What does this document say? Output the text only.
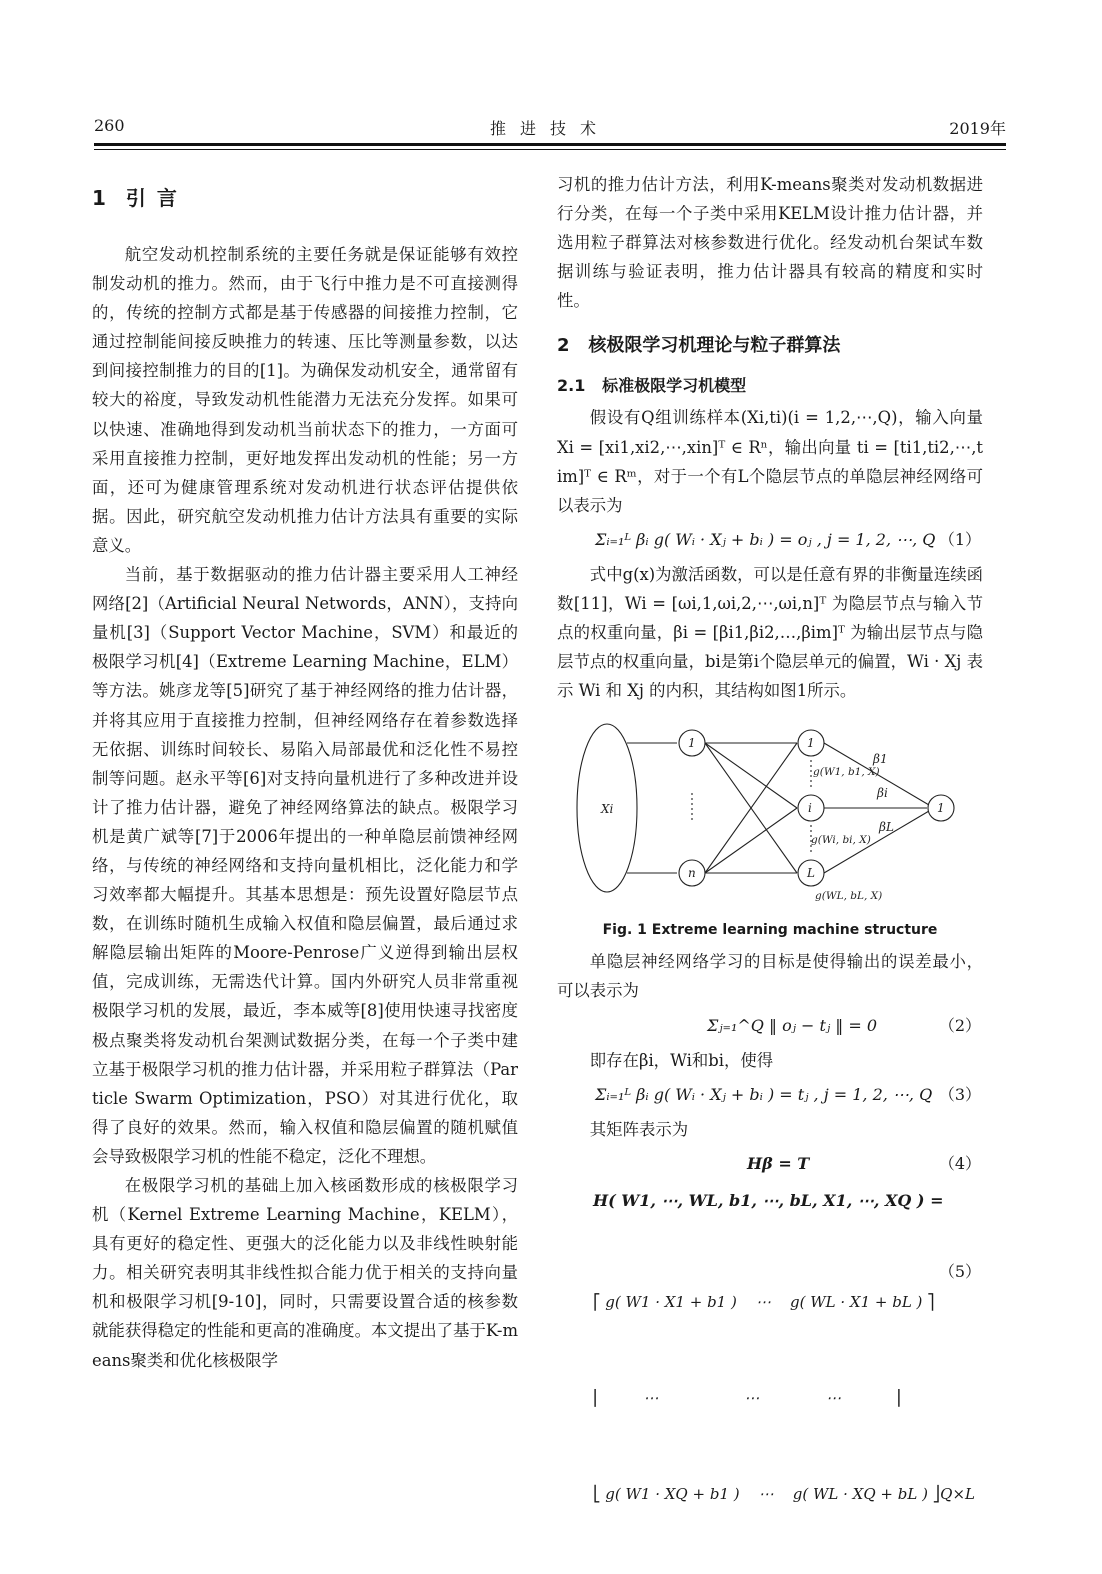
260	推进技术	2019年
1 引 言

航空发动机控制系统的主要任务就是保证能够有效控制发动机的推力。然而，由于飞行中推力是不可直接测得的，传统的控制方式都是基于传感器的间接推力控制，它通过控制能间接反映推力的转速、压比等测量参数，以达到间接控制推力的目的[1]。为确保发动机安全，通常留有较大的裕度，导致发动机性能潜力无法充分发挥。如果可以快速、准确地得到发动机当前状态下的推力，一方面可采用直接推力控制，更好地发挥出发动机的性能；另一方面，还可为健康管理系统对发动机进行状态评估提供依据。因此，研究航空发动机推力估计方法具有重要的实际意义。

当前，基于数据驱动的推力估计器主要采用人工神经网络[2]（Artificial Neural Networds，ANN），支持向量机[3]（Support Vector Machine，SVM）和最近的极限学习机[4]（Extreme Learning Machine，ELM）等方法。姚彦龙等[5]研究了基于神经网络的推力估计器，并将其应用于直接推力控制，但神经网络存在着参数选择无依据、训练时间较长、易陷入局部最优和泛化性不易控制等问题。赵永平等[6]对支持向量机进行了多种改进并设计了推力估计器，避免了神经网络算法的缺点。极限学习机是黄广斌等[7]于2006年提出的一种单隐层前馈神经网络，与传统的神经网络和支持向量机相比，泛化能力和学习效率都大幅提升。其基本思想是：预先设置好隐层节点数，在训练时随机生成输入权值和隐层偏置，最后通过求解隐层输出矩阵的Moore-Penrose广义逆得到输出层权值，完成训练，无需迭代计算。国内外研究人员非常重视极限学习机的发展，最近，李本威等[8]使用快速寻找密度极点聚类将发动机台架测试数据分类，在每一个子类中建立基于极限学习机的推力估计器，并采用粒子群算法（Particle Swarm Optimization，PSO）对其进行优化，取得了良好的效果。然而，输入权值和隐层偏置的随机赋值会导致极限学习机的性能不稳定，泛化不理想。

在极限学习机的基础上加入核函数形成的核极限学习机（Kernel Extreme Learning Machine，KELM），具有更好的稳定性、更强大的泛化能力以及非线性映射能力。相关研究表明其非线性拟合能力优于相关的支持向量机和极限学习机[9-10]，同时，只需要设置合适的核参数就能获得稳定的性能和更高的准确度。本文提出了基于K-means聚类和优化核极限学

习机的推力估计方法，利用K-means聚类对发动机数据进行分类，在每一个子类中采用KELM设计推力估计器，并选用粒子群算法对核参数进行优化。经发动机台架试车数据训练与验证表明，推力估计器具有较高的精度和实时性。

2 核极限学习机理论与粒子群算法
2.1 标准极限学习机模型

假设有Q组训练样本(Xi,ti)(i = 1,2,⋯,Q)，输入向量 Xi = [xi1,xi2,⋯,xin]ᵀ ∈ Rⁿ，输出向量 ti = [ti1,ti2,⋯,tim]ᵀ ∈ Rᵐ，对于一个有L个隐层节点的单隐层神经网络可以表示为

Σᵢ₌₁ᴸ βᵢ g( Wᵢ · Xⱼ + bᵢ ) = oⱼ , j = 1, 2, ⋯, Q （1）

式中g(x)为激活函数，可以是任意有界的非衡量连续函数[11]，Wi = [ωi,1,ωi,2,⋯,ωi,n]ᵀ 为隐层节点与输入节点的权重向量，βi = [βi1,βi2,…,βim]ᵀ 为输出层节点与隐层节点的权重向量，bi是第i个隐层单元的偏置，Wi · Xj 表示 Wi 和 Xj 的内积，其结构如图1所示。

Xi
1
n
1
i
L
1
g(W1, b1, X)
g(Wi, bi, X)
g(WL, bL, X)
β1
βi
βL
Fig. 1 Extreme learning machine structure

单隐层神经网络学习的目标是使得输出的误差最小，可以表示为

Σⱼ₌₁^Q ‖ oⱼ − tⱼ ‖ = 0	（2）

即存在βi，Wi和bi，使得

Σᵢ₌₁ᴸ βᵢ g( Wᵢ · Xⱼ + bᵢ ) = tⱼ , j = 1, 2, ⋯, Q （3）

其矩阵表示为

Hβ = T	（4）
H( W1, ⋯, WL, b1, ⋯, bL, X1, ⋯, XQ ) =

⎡ g( W1 · X1 + b1 )    ⋯    g( WL · X1 + bL ) ⎤

⎢         ⋯                  ⋯              ⋯           ⎥

⎣ g( W1 · XQ + b1 )    ⋯    g( WL · XQ + bL ) ⎦Q×L

（5）
